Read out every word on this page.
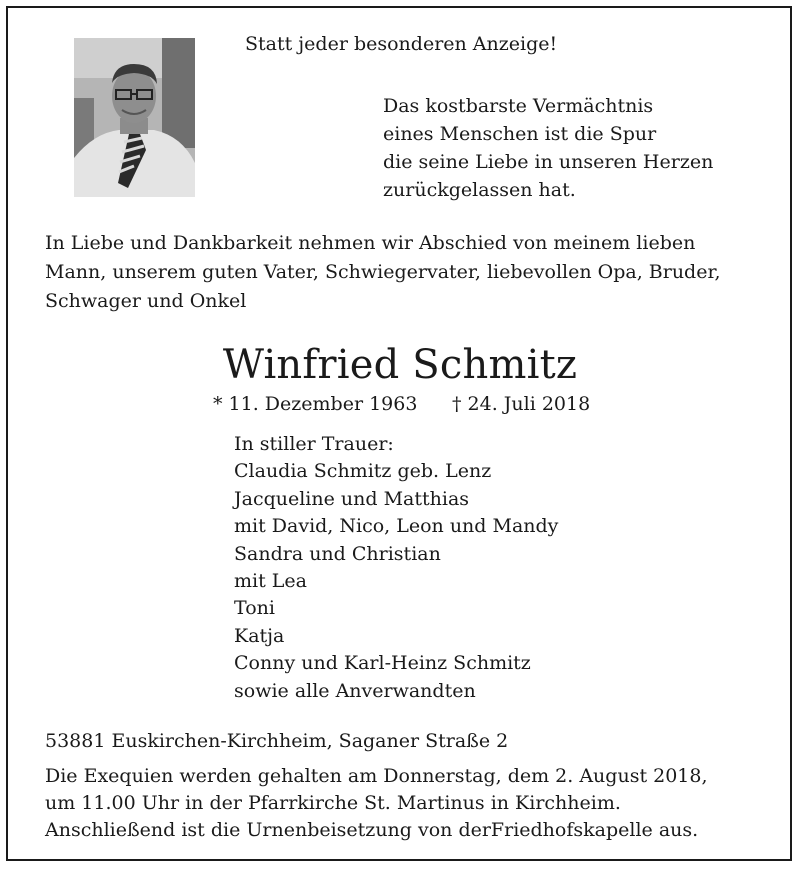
Statt jeder besonderen Anzeige!
Das kostbarste Vermächtnis
eines Menschen ist die Spur
die seine Liebe in unseren Herzen
zurückgelassen hat.
In Liebe und Dankbarkeit nehmen wir Abschied von meinem lieben
Mann, unserem guten Vater, Schwiegervater, liebevollen Opa, Bruder,
Schwager und Onkel
Winfried Schmitz
* 11. Dezember 1963 † 24. Juli 2018
In stiller Trauer:
Claudia Schmitz geb. Lenz
Jacqueline und Matthias
mit David, Nico, Leon und Mandy
Sandra und Christian
mit Lea
Toni
Katja
Conny und Karl-Heinz Schmitz
sowie alle Anverwandten
53881 Euskirchen-Kirchheim, Saganer Straße 2
Die Exequien werden gehalten am Donnerstag, dem 2. August 2018,
um 11.00 Uhr in der Pfarrkirche St. Martinus in Kirchheim.
Anschließend ist die Urnenbeisetzung von derFriedhofskapelle aus.
